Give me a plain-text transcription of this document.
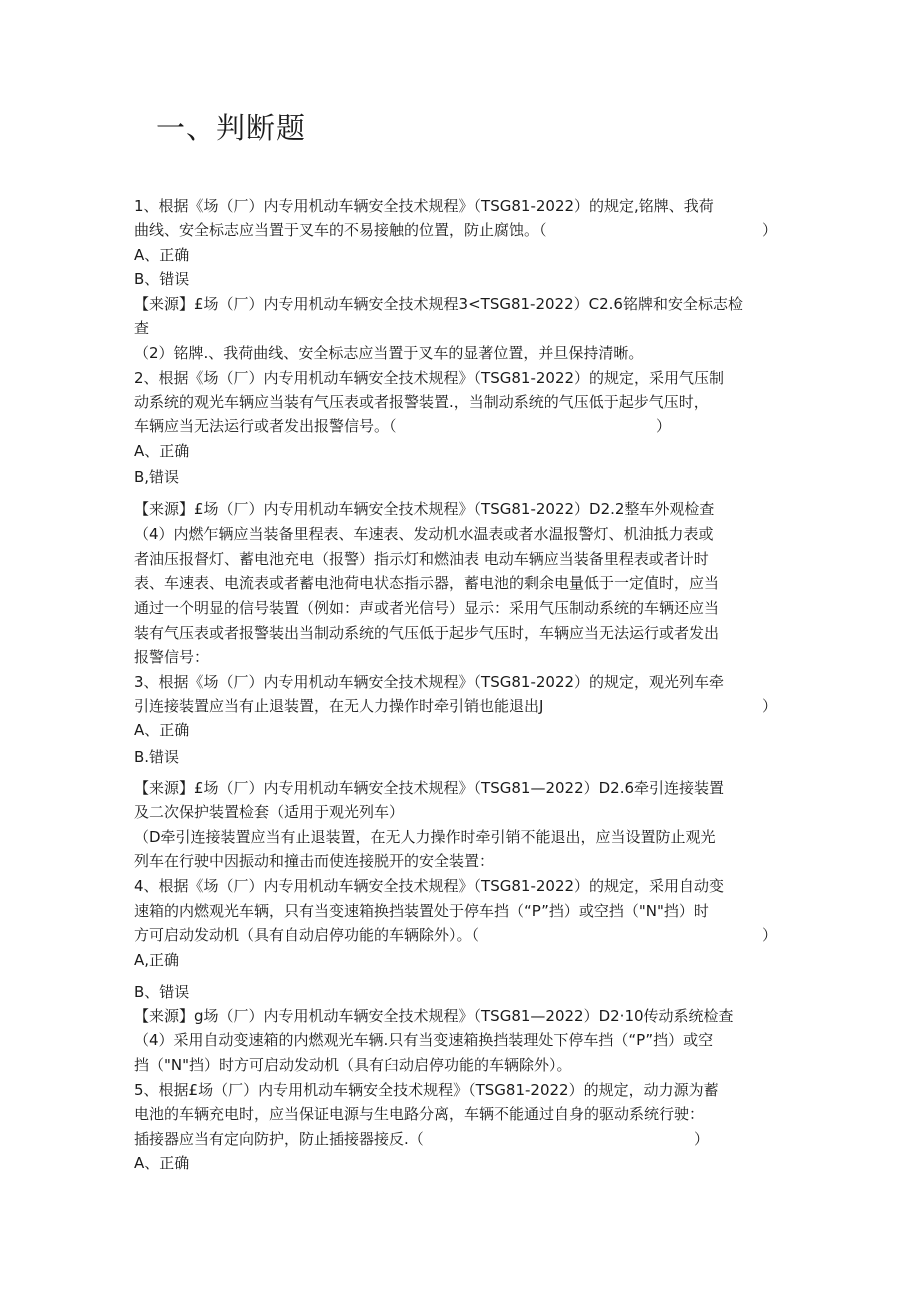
一、判断题
1、根据《场（厂）内专用机动车辆安全技术规程》（TSG81-2022）的规定,铭牌、我荷
曲线、安全标志应当置于叉车的不易接触的位置，防止腐蚀。（	）
A、正确
B、错误
【来源】£场（厂）内专用机动车辆安全技术规程3<TSG81-2022）C2.6铭牌和安全标志检
查
（2）铭牌.、我荷曲线、安全标志应当置于叉车的显著位置，并旦保持清晰。
2、根据《场（厂）内专用机动车辆安全技术规程》（TSG81-2022）的规定，采用气压制
动系统的观光车辆应当装有气压表或者报警装置.，当制动系统的气压低于起步气压时，
车辆应当无法运行或者发出报警信号。（	）
A、正确
B,错误
【来源】£场（厂）内专用机动车辆安全技术规程》（TSG81-2022）D2.2整车外观检查
（4）内燃乍辆应当装备里程表、车速表、发动机水温表或者水温报警灯、机油抵力表或
者油压报督灯、蓄电池充电（报警）指示灯和燃油表 电动车辆应当装备里程表或者计时
表、车速表、电流表或者蓄电池荷电状态指示器，蓄电池的剩余电量低于一定值时，应当
通过一个明显的信号装置（例如：声或者光信号）显示：采用气压制动系统的车辆还应当
装有气压表或者报警装出当制动系统的气压低于起步气压时，车辆应当无法运行或者发出
报警信号：
3、根据《场（厂）内专用机动车辆安全技术规程》（TSG81-2022）的规定，观光列车牵
引连接装置应当有止退装置，在无人力操作时牵引销也能退出J	）
A、正确
B.错误
【来源】£场（厂）内专用机动车辆安全技术规程》（TSG81—2022）D2.6牵引连接装置
及二次保护装置检套（适用于观光列车）
（D牵引连接装置应当有止退装置，在无人力操作时牵引销不能退出，应当设置防止观光
列车在行驶中因振动和撞击而使连接脱开的安全装置：
4、根据《场（厂）内专用机动车辆安全技术规程》（TSG81-2022）的规定，采用自动变
速箱的内燃观光车辆，只有当变速箱换挡装置处于停车挡（“P”挡）或空挡（"N"挡）时
方可启动发动机（具有自动启停功能的车辆除外）。（	）
A,正确
B、错误
【来源】g场（厂）内专用机动车辆安全技术规程》（TSG81—2022）D2·10传动系统检查
（4）采用自动变速箱的内燃观光车辆.只有当变速箱换挡装理处下停车挡（“P”挡）或空
挡（"N"挡）时方可启动发动机（具有臼动启停功能的车辆除外）。
5、根据£场（厂）内专用机动车辆安全技术规程》（TSG81-2022）的规定，动力源为蓄
电池的车辆充电时，应当保证电源与生电路分离，车辆不能通过自身的驱动系统行驶：
插接器应当有定向防护，防止插接器接反.（	）
A、正确
